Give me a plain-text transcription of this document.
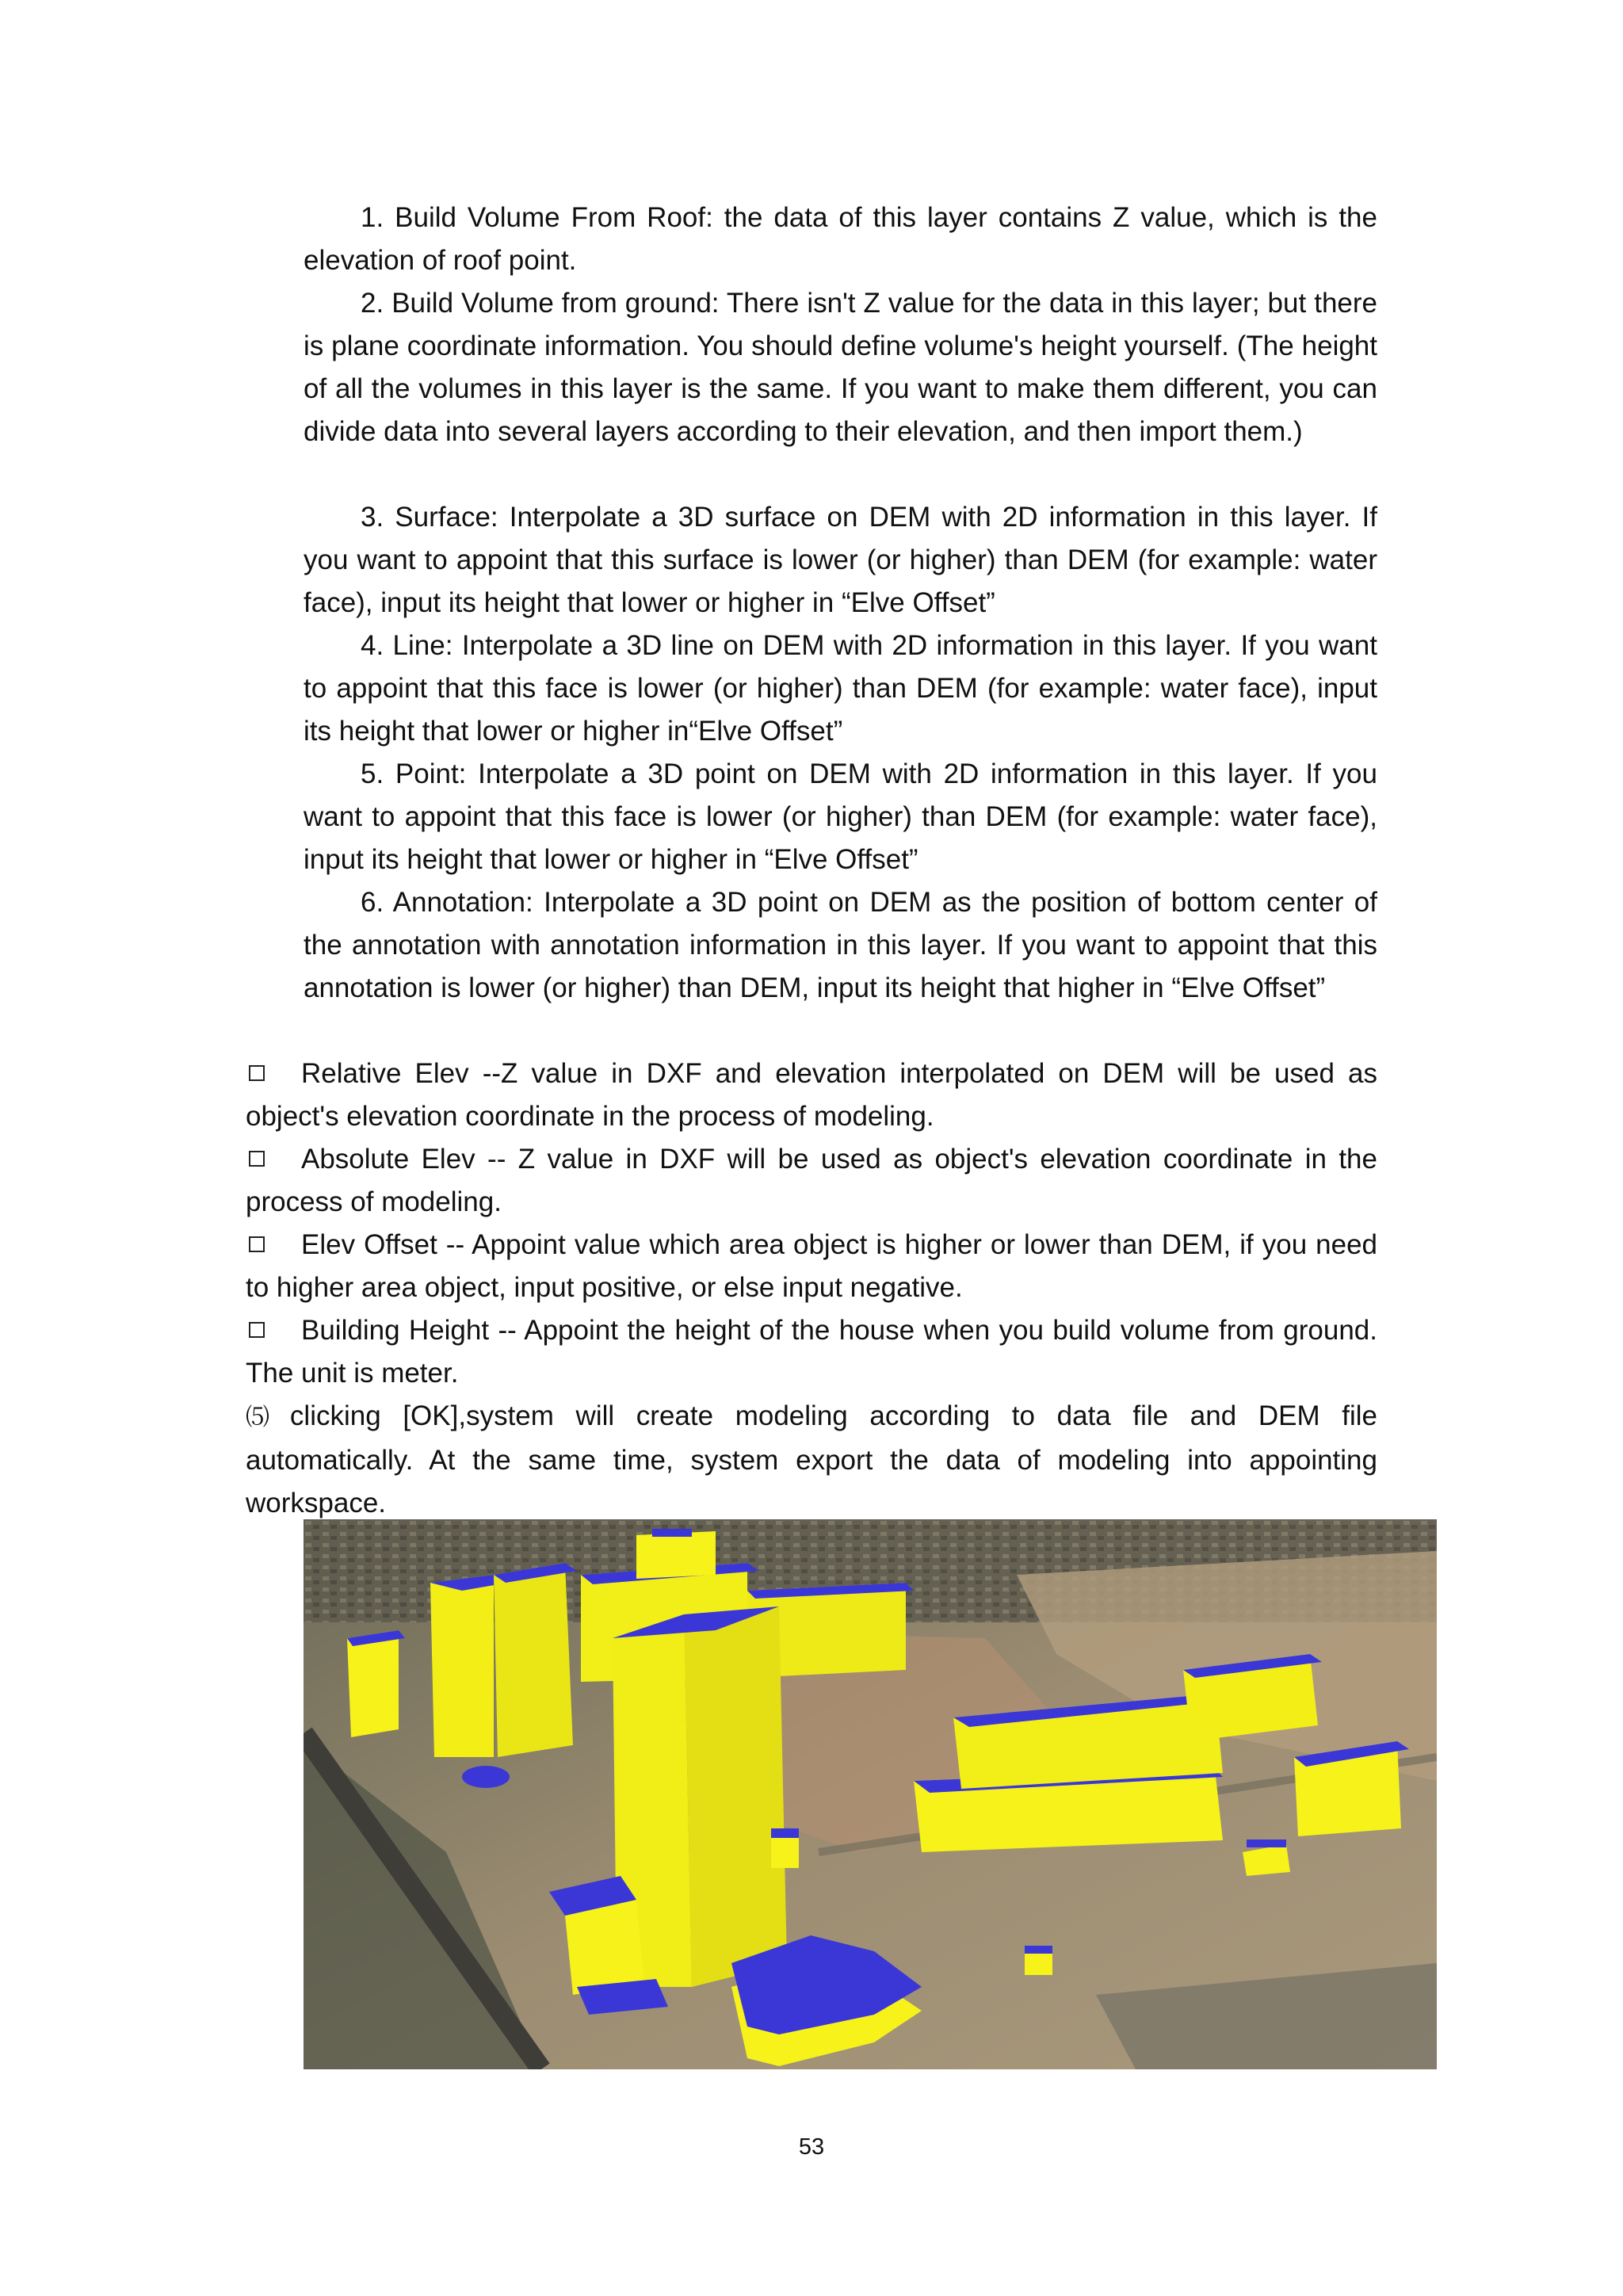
1. Build Volume From Roof: the data of this layer contains Z value, which is the elevation of roof point.

2. Build Volume from ground: There isn't Z value for the data in this layer; but there is plane coordinate information. You should define volume's height yourself. (The height of all the volumes in this layer is the same. If you want to make them different, you can divide data into several layers according to their elevation, and then import them.)

3. Surface: Interpolate a 3D surface on DEM with 2D information in this layer. If you want to appoint that this surface is lower (or higher) than DEM (for example: water face), input its height that lower or higher in “Elve Offset”

4. Line: Interpolate a 3D line on DEM with 2D information in this layer. If you want to appoint that this face is lower (or higher) than DEM (for example: water face), input its height that lower or higher in“Elve Offset”

5. Point: Interpolate a 3D point on DEM with 2D information in this layer. If you want to appoint that this face is lower (or higher) than DEM (for example: water face), input its height that lower or higher in “Elve Offset”

6. Annotation: Interpolate a 3D point on DEM as the position of bottom center of the annotation with annotation information in this layer. If you want to appoint that this annotation is lower (or higher) than DEM, input its height that higher in “Elve Offset”

Relative Elev --Z value in DXF and elevation interpolated on DEM will be used as object's elevation coordinate in the process of modeling.

Absolute Elev -- Z value in DXF will be used as object's elevation coordinate in the process of modeling.

Elev Offset -- Appoint value which area object is higher or lower than DEM, if you need to higher area object, input positive, or else input negative.

Building Height -- Appoint the height of the house when you build volume from ground. The unit is meter.

⑸ clicking [OK],system will create modeling according to data file and DEM file automatically. At the same time, system export the data of modeling into appointing workspace.

53
